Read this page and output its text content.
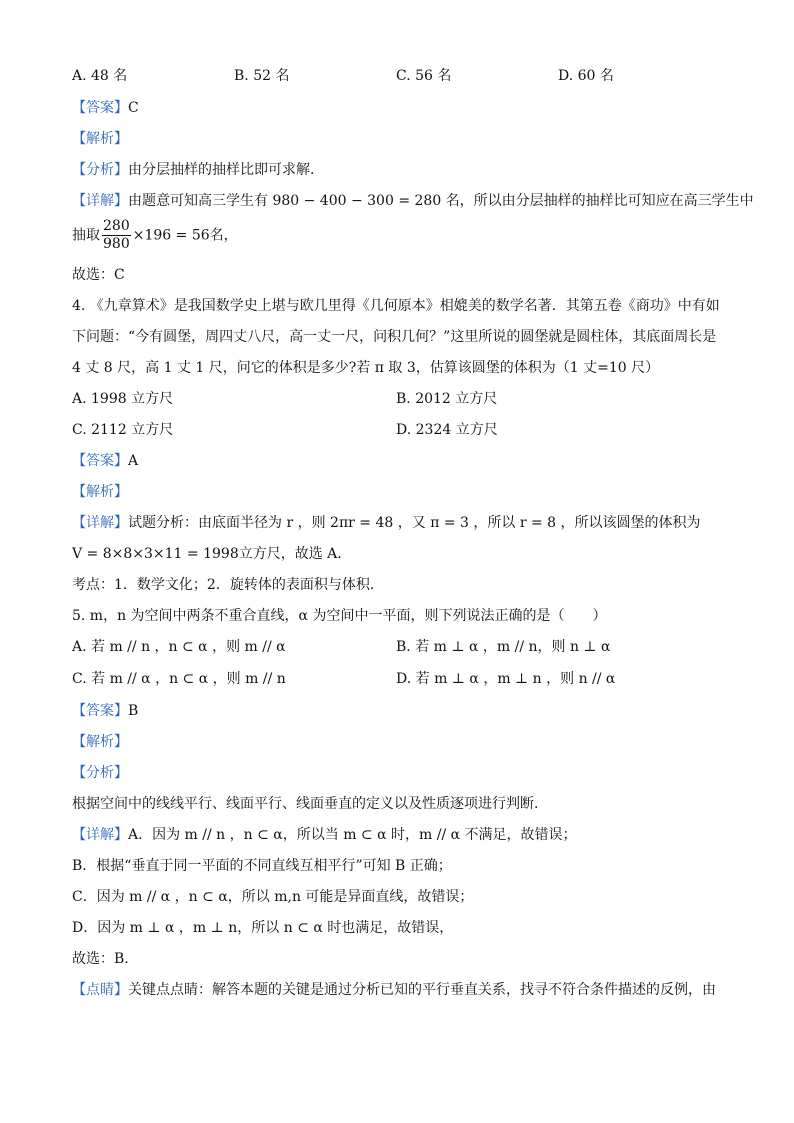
A. 48 名	B. 52 名	C. 56 名	D. 60 名
【答案】C
【解析】
【分析】由分层抽样的抽样比即可求解.
【详解】由题意可知高三学生有 980 − 400 − 300 = 280 名，所以由分层抽样的抽样比可知应在高三学生中
抽取 $\frac{280}{980} \times 196 = 56$名，
故选：C
4. 《九章算术》是我国数学史上堪与欧几里得《几何原本》相媲美的数学名著．其第五卷《商功》中有如
下问题：“今有圆堡，周四丈八尺，高一丈一尺，问积几何？”这里所说的圆堡就是圆柱体，其底面周长是
4 丈 8 尺，高 1 丈 1 尺，问它的体积是多少?若 π 取 3，估算该圆堡的体积为（1 丈=10 尺）
A. 1998 立方尺	B. 2012 立方尺
C. 2112 立方尺	D. 2324 立方尺
【答案】A
【解析】
【详解】试题分析：由底面半径为 r ，则 2πr = 48 ，又 π = 3 ，所以 r = 8 ，所以该圆堡的体积为
V = 8×8×3×11 = 1998立方尺，故选 A．
考点：1．数学文化；2．旋转体的表面积与体积．
5. m，n 为空间中两条不重合直线，α 为空间中一平面，则下列说法正确的是（　　）
A. 若 m // n ，n ⊂ α ，则 m // α	B. 若 m ⊥ α ，m // n，则 n ⊥ α
C. 若 m // α ，n ⊂ α ，则 m // n	D. 若 m ⊥ α ，m ⊥ n ，则 n // α
【答案】B
【解析】
【分析】
根据空间中的线线平行、线面平行、线面垂直的定义以及性质逐项进行判断.
【详解】A．因为 m // n ，n ⊂ α，所以当 m ⊂ α 时，m // α 不满足，故错误；
B．根据“垂直于同一平面的不同直线互相平行”可知 B 正确；
C．因为 m // α ，n ⊂ α，所以 m,n 可能是异面直线，故错误；
D．因为 m ⊥ α ，m ⊥ n，所以 n ⊂ α 时也满足，故错误，
故选：B.
【点睛】关键点点睛：解答本题的关键是通过分析已知的平行垂直关系，找寻不符合条件描述的反例，由
